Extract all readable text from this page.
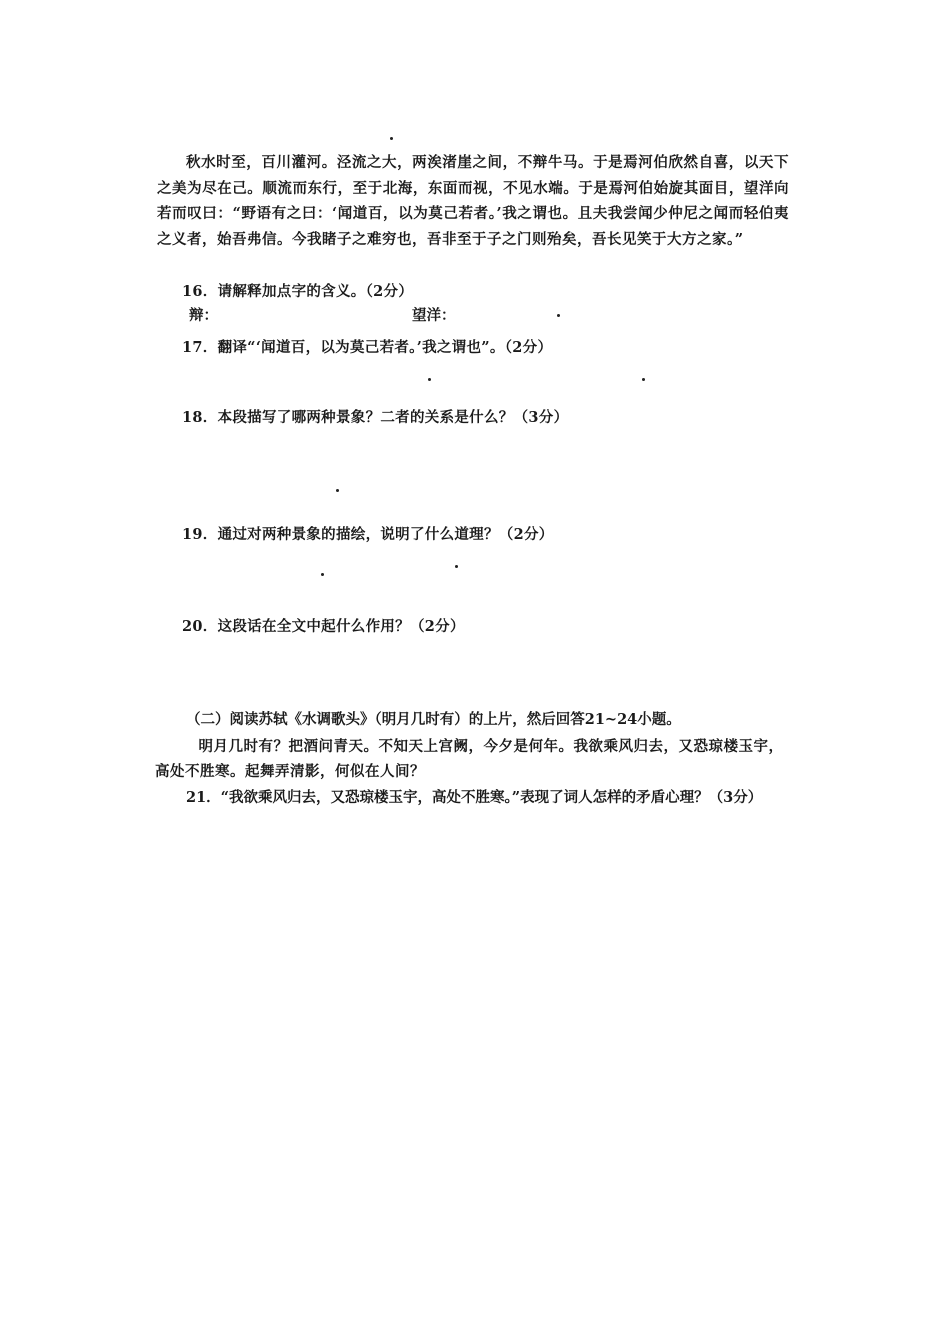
秋水时至，百川灌河。泾流之大，两涘渚崖之间，不辩牛马。于是焉河伯欣然自喜，以天下之美为尽在己。顺流而东行，至于北海，东面而视，不见水端。于是焉河伯始旋其面目，望洋向若而叹曰：“野语有之曰：‘闻道百，以为莫己若者。’我之谓也。且夫我尝闻少仲尼之闻而轻伯夷之义者，始吾弗信。今我睹子之难穷也，吾非至于子之门则殆矣，吾长见笑于大方之家。”

16．请解释加点字的含义。（2分）
辩：	望洋：
17．翻译“‘闻道百，以为莫己若者。’我之谓也”。（2分）
18．本段描写了哪两种景象？二者的关系是什么？（3分）
19．通过对两种景象的描绘，说明了什么道理？（2分）
20．这段话在全文中起什么作用？（2分）
（二）阅读苏轼《水调歌头》（明月几时有）的上片，然后回答21~24小题。

明月几时有？把酒问青天。不知天上宫阙，今夕是何年。我欲乘风归去，又恐琼楼玉宇，高处不胜寒。起舞弄清影，何似在人间？

21．“我欲乘风归去，又恐琼楼玉宇，高处不胜寒。”表现了词人怎样的矛盾心理？（3分）
